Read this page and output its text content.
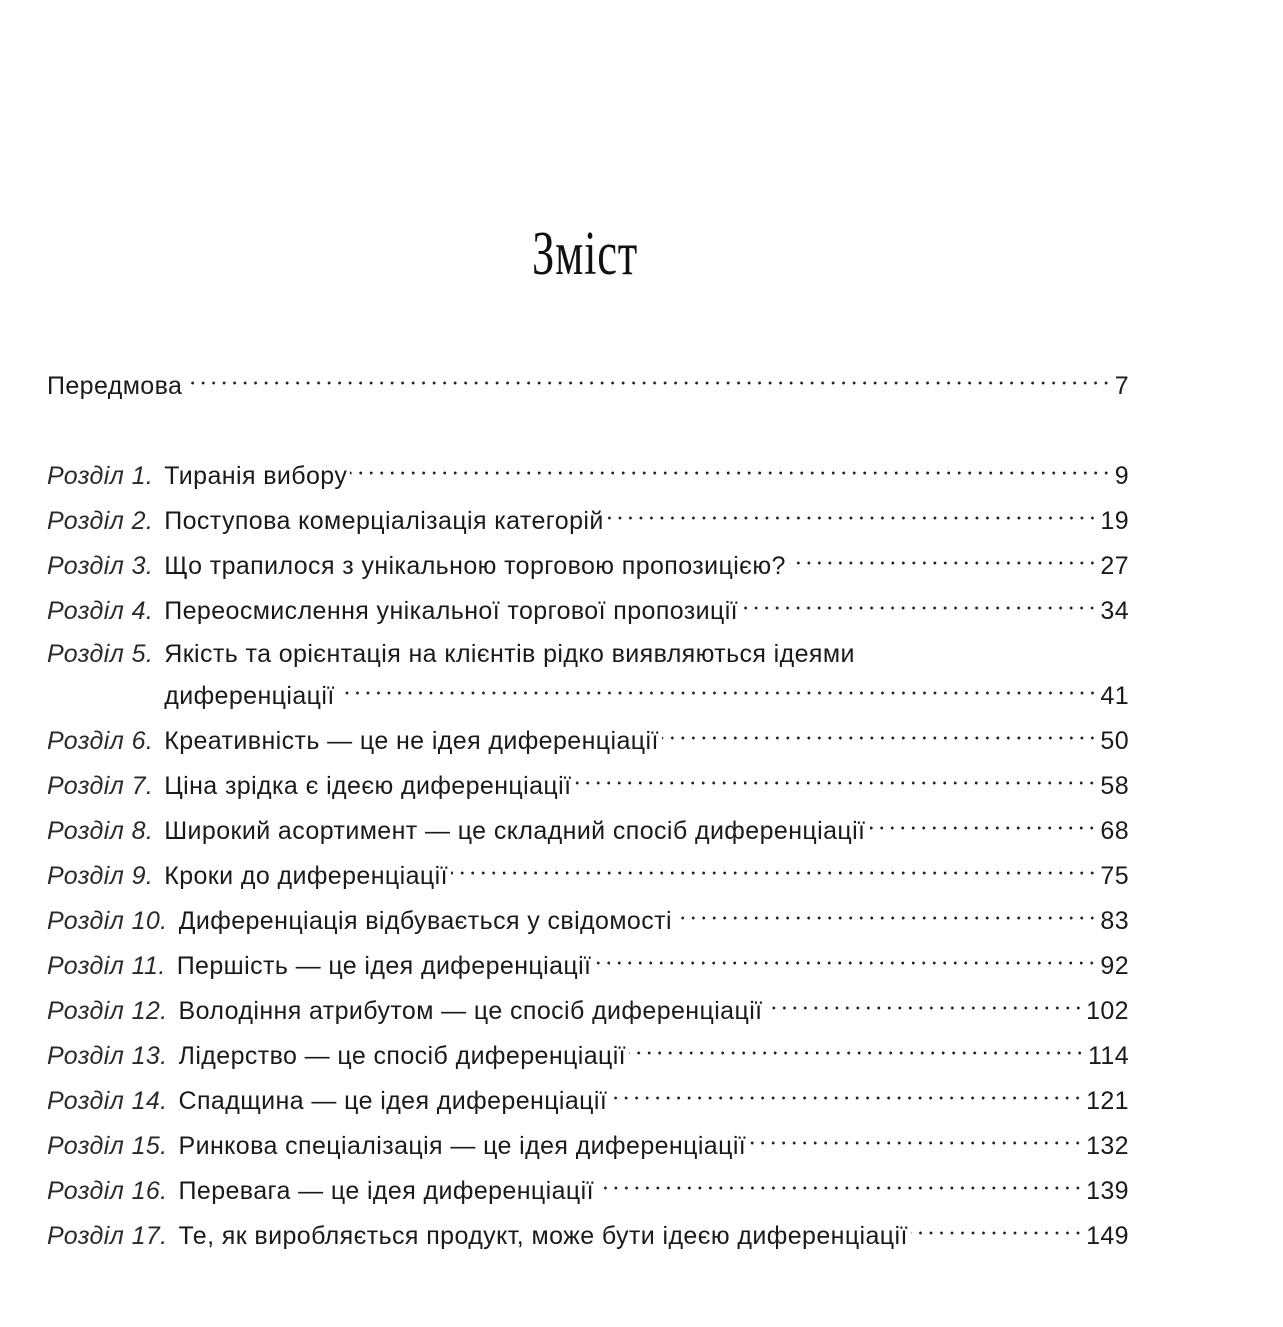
Зміст
Передмова	7
Розділ 1. Тиранія вибору	9
Розділ 2. Поступова комерціалізація категорій	19
Розділ 3. Що трапилося з унікальною торговою пропозицією?	27
Розділ 4. Переосмислення унікальної торгової пропозиції	34
Розділ 5. Якість та орієнтація на клієнтів рідко виявляються ідеями
диференціації	41
Розділ 6. Креативність — це не ідея диференціації	50
Розділ 7. Ціна зрідка є ідеєю диференціації	58
Розділ 8. Широкий асортимент — це складний спосіб диференціації	68
Розділ 9. Кроки до диференціації	75
Розділ 10. Диференціація відбувається у свідомості	83
Розділ 11. Першість — це ідея диференціації	92
Розділ 12. Володіння атрибутом — це спосіб диференціації	102
Розділ 13. Лідерство — це спосіб диференціації	114
Розділ 14. Спадщина — це ідея диференціації	121
Розділ 15. Ринкова спеціалізація — це ідея диференціації	132
Розділ 16. Перевага — це ідея диференціації	139
Розділ 17. Те, як виробляється продукт, може бути ідеєю диференціації	149
